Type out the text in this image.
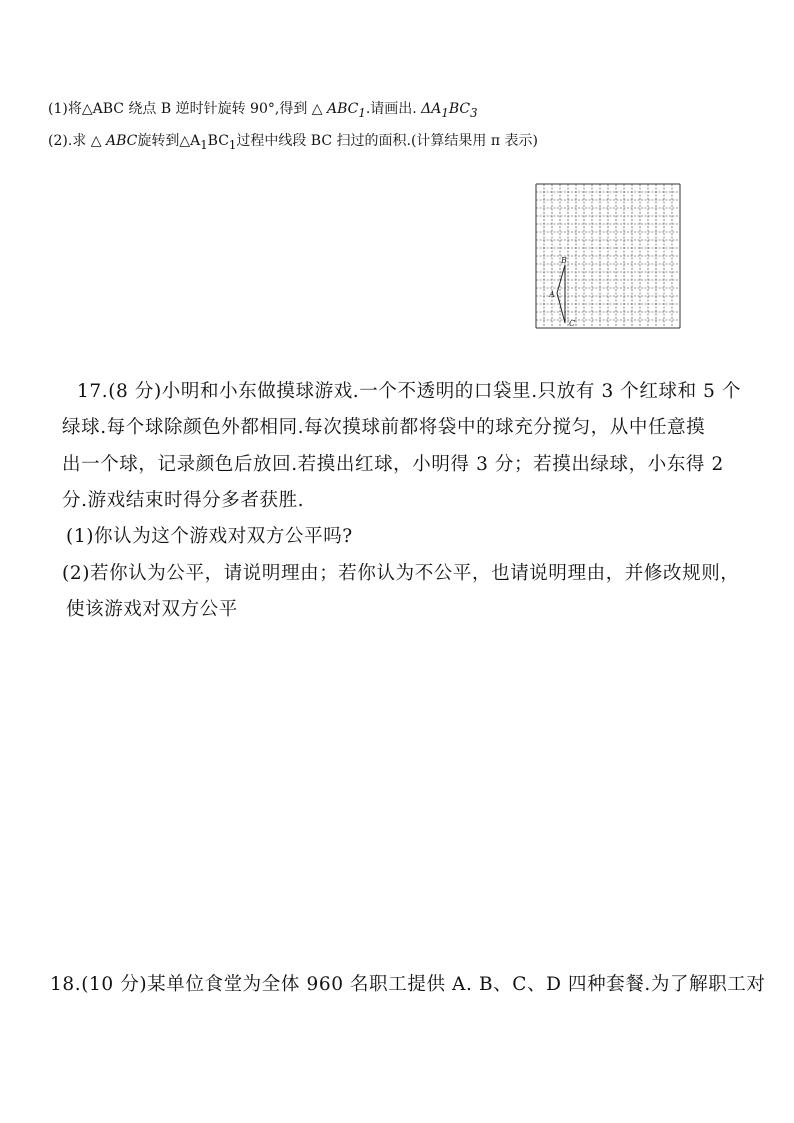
(1)将△ABC 绕点 B 逆时针旋转 90°,得到 △ $ABC_1$.请画出. $\Delta A_1BC_3$
(2).求 △ ABC旋转到$\triangle A_1BC_1$过程中线段 BC 扫过的面积.(计算结果用 π 表示)
B
A
C
17.(8 分)小明和小东做摸球游戏.一个不透明的口袋里.只放有 3 个红球和 5 个
绿球.每个球除颜色外都相同.每次摸球前都将袋中的球充分搅匀，从中任意摸
出一个球，记录颜色后放回.若摸出红球，小明得 3 分；若摸出绿球，小东得 2
分.游戏结束时得分多者获胜.
(1)你认为这个游戏对双方公平吗?
(2)若你认为公平，请说明理由；若你认为不公平，也请说明理由，并修改规则，
使该游戏对双方公平
18.(10 分)某单位食堂为全体 960 名职工提供 A. B、C、D 四种套餐.为了解职工对
